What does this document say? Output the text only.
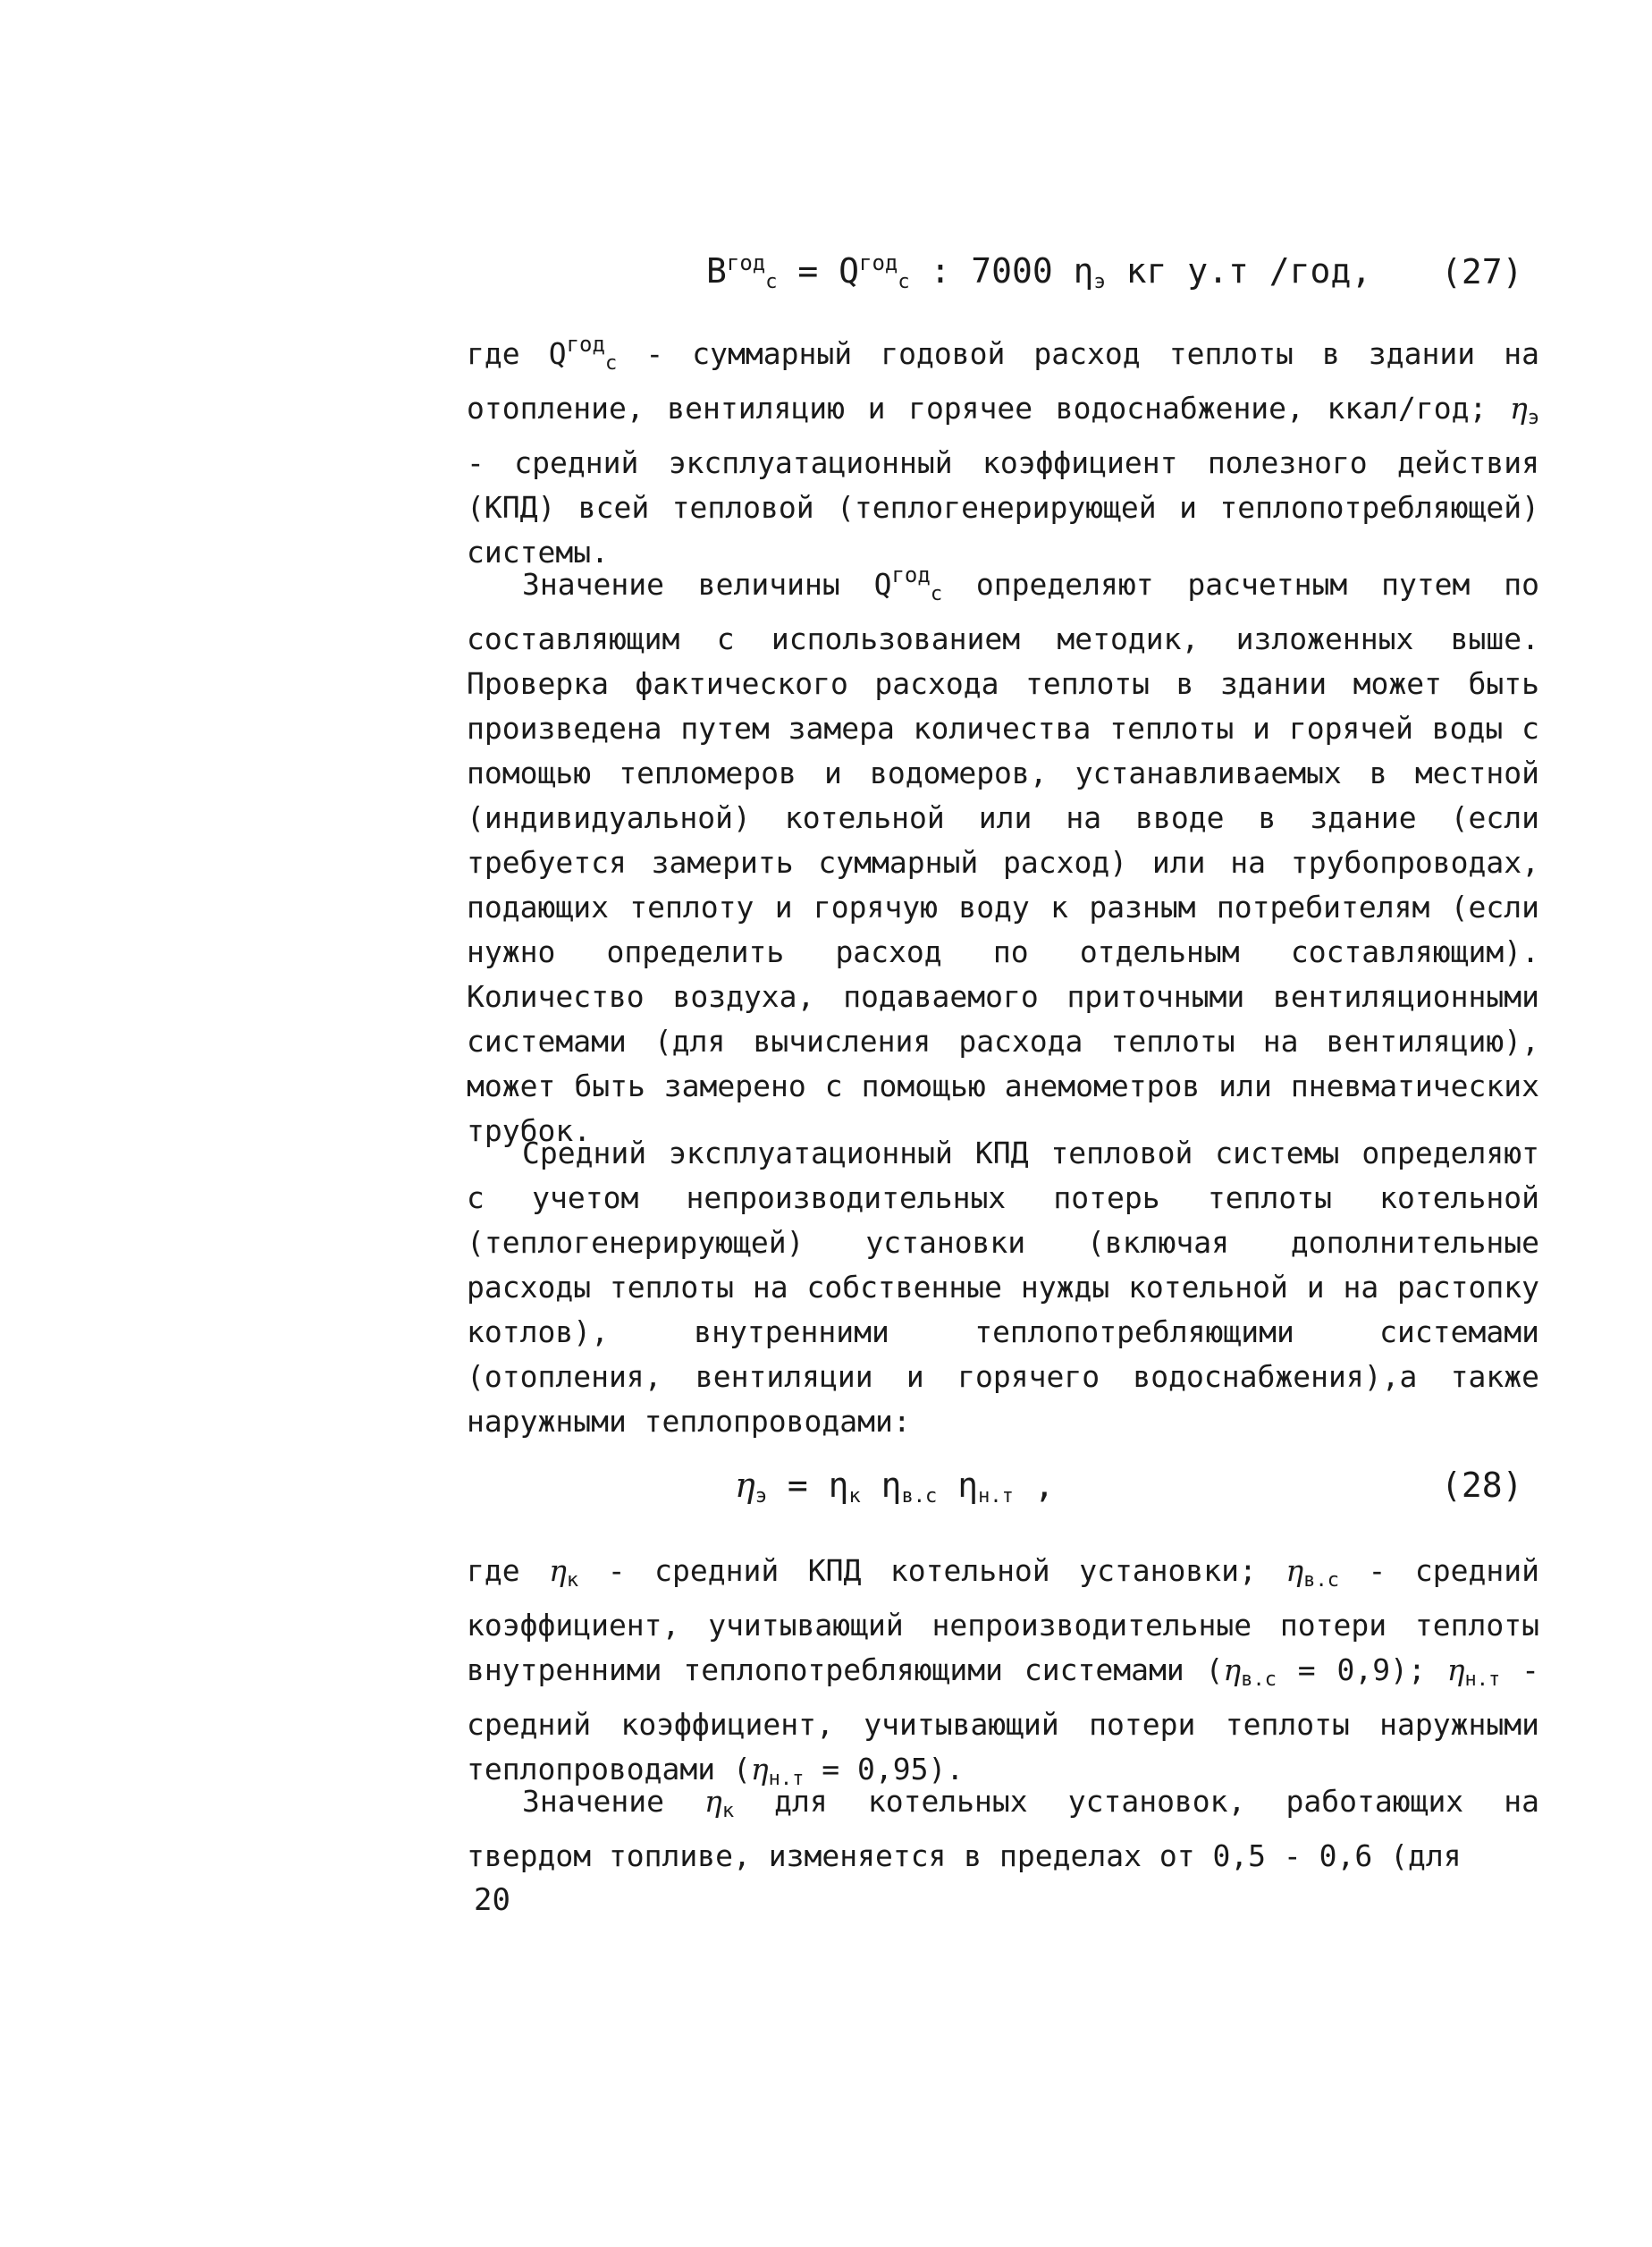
$B^{год}_с = Q^{год}_с$ : 7000 $\eta_э$ кг у.т /год, (27)

где $Q^{год}_с$ - суммарный годовой расход теплоты в здании на отопление, вентиляцию и горячее водоснабжение, ккал/год; $\eta_э$ - средний эксплуатационный коэффициент полезного действия (КПД) всей тепловой (теплогенерирующей и теплопотребляющей) системы.

Значение величины $Q^{год}_с$ определяют расчетным путем по составляющим с использованием методик, изложенных выше. Проверка фактического расхода теплоты в здании может быть произведена путем замера количества теплоты и горячей воды с помощью тепломеров и водомеров, устанавливаемых в местной (индивидуальной) котельной или на вводе в здание (если требуется замерить суммарный расход) или на трубопроводах, подающих теплоту и горячую воду к разным потребителям (если нужно определить расход по отдельным составляющим). Количество воздуха, подаваемого приточными вентиляционными системами (для вычисления расхода теплоты на вентиляцию), может быть замерено с помощью анемометров или пневматических трубок.

Средний эксплуатационный КПД тепловой системы определяют с учетом непроизводительных потерь теплоты котельной (теплогенерирующей) установки (включая дополнительные расходы теплоты на собственные нужды котельной и на растопку котлов), внутренними теплопотребляющими системами (отопления, вентиляции и горячего водоснабжения),а также наружными теплопроводами:

$\eta_э = \eta_к$ $\eta_{в.с}$ $\eta_{н.т}$ ,	(28)

где $\eta_к$ - средний КПД котельной установки; $\eta_{в.с}$ - средний коэффициент, учитывающий непроизводительные потери теплоты внутренними теплопотребляющими системами $(\eta_{в.с} = 0,9)$; $\eta_{н.т}$ - средний коэффициент, учитывающий потери теплоты наружными теплопроводами $(\eta_{н.т} = 0,95)$.

Значение $\eta_к$ для котельных установок, работающих на твердом топливе, изменяется в пределах от 0,5 - 0,6 (для

20
